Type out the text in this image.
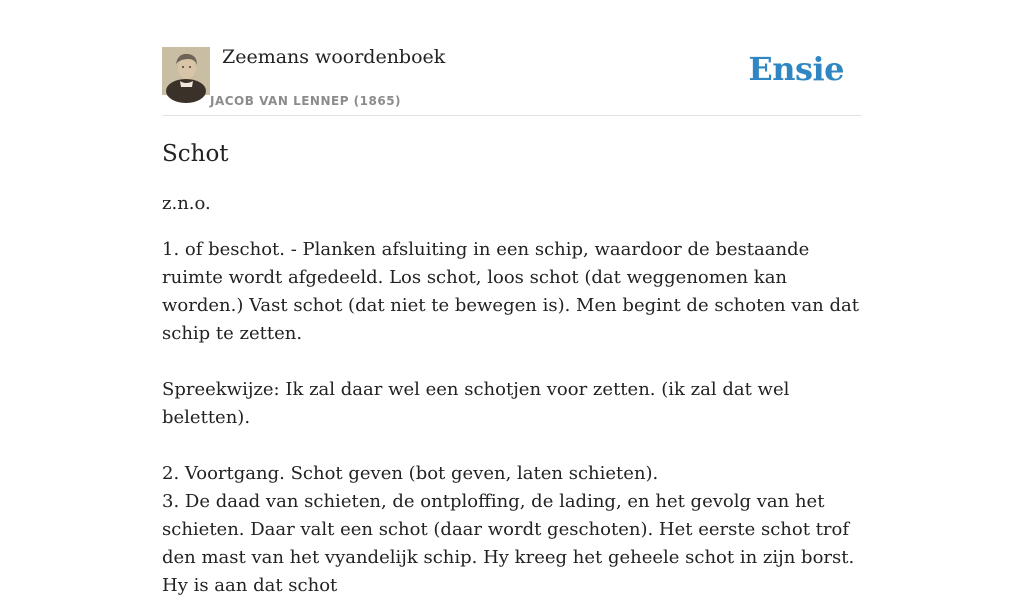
Zeemans woordenboek
JACOB VAN LENNEP (1865)
Ensie
Schot

z.n.o.

1. of beschot. - Planken afsluiting in een schip, waardoor de bestaande ruimte wordt afgedeeld. Los schot, loos schot (dat weggenomen kan worden.) Vast schot (dat niet te bewegen is). Men begint de schoten van dat schip te zetten.

Spreekwijze: Ik zal daar wel een schotjen voor zetten. (ik zal dat wel beletten).

2. Voortgang. Schot geven (bot geven, laten schieten).
3. De daad van schieten, de ontploffing, de lading, en het gevolg van het schieten. Daar valt een schot (daar wordt geschoten). Het eerste schot trof den mast van het vyandelijk schip. Hy kreeg het geheele schot in zijn borst. Hy is aan dat schot
